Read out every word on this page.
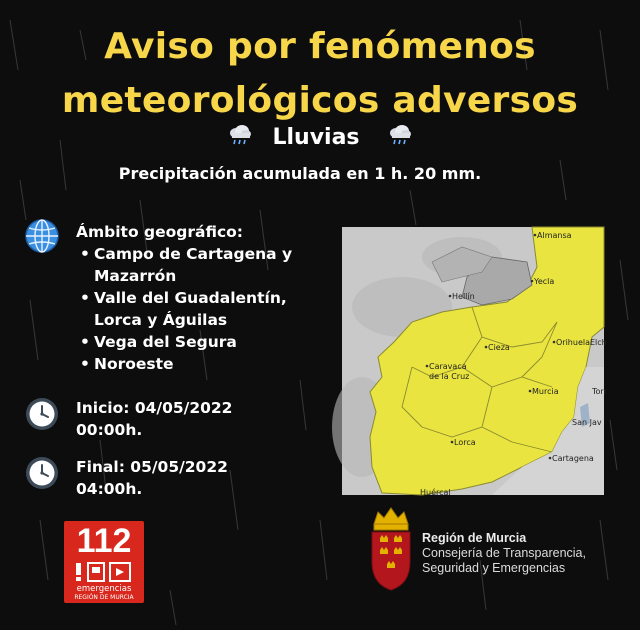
Aviso por fenómenos
meteorológicos adversos
Lluvias
Precipitación acumulada en 1 h. 20 mm.
Ámbito geográfico:
• Campo de Cartagena y
Mazarrón
• Valle del Guadalentín,
Lorca y Águilas
• Vega del Segura
• Noroeste
Inicio: 04/05/2022
00:00h.
Final: 05/05/2022
04:00h.
Almansa
Yecla
Hellín
Cieza
Orihuela Elch
Caravaca
de la Cruz
Murcia	Torr
San Jav
Lorca
Cartagena
Huércal
112
emergencias
REGIÓN DE MURCIA
Región de Murcia
Consejería de Transparencia,
Seguridad y Emergencias
